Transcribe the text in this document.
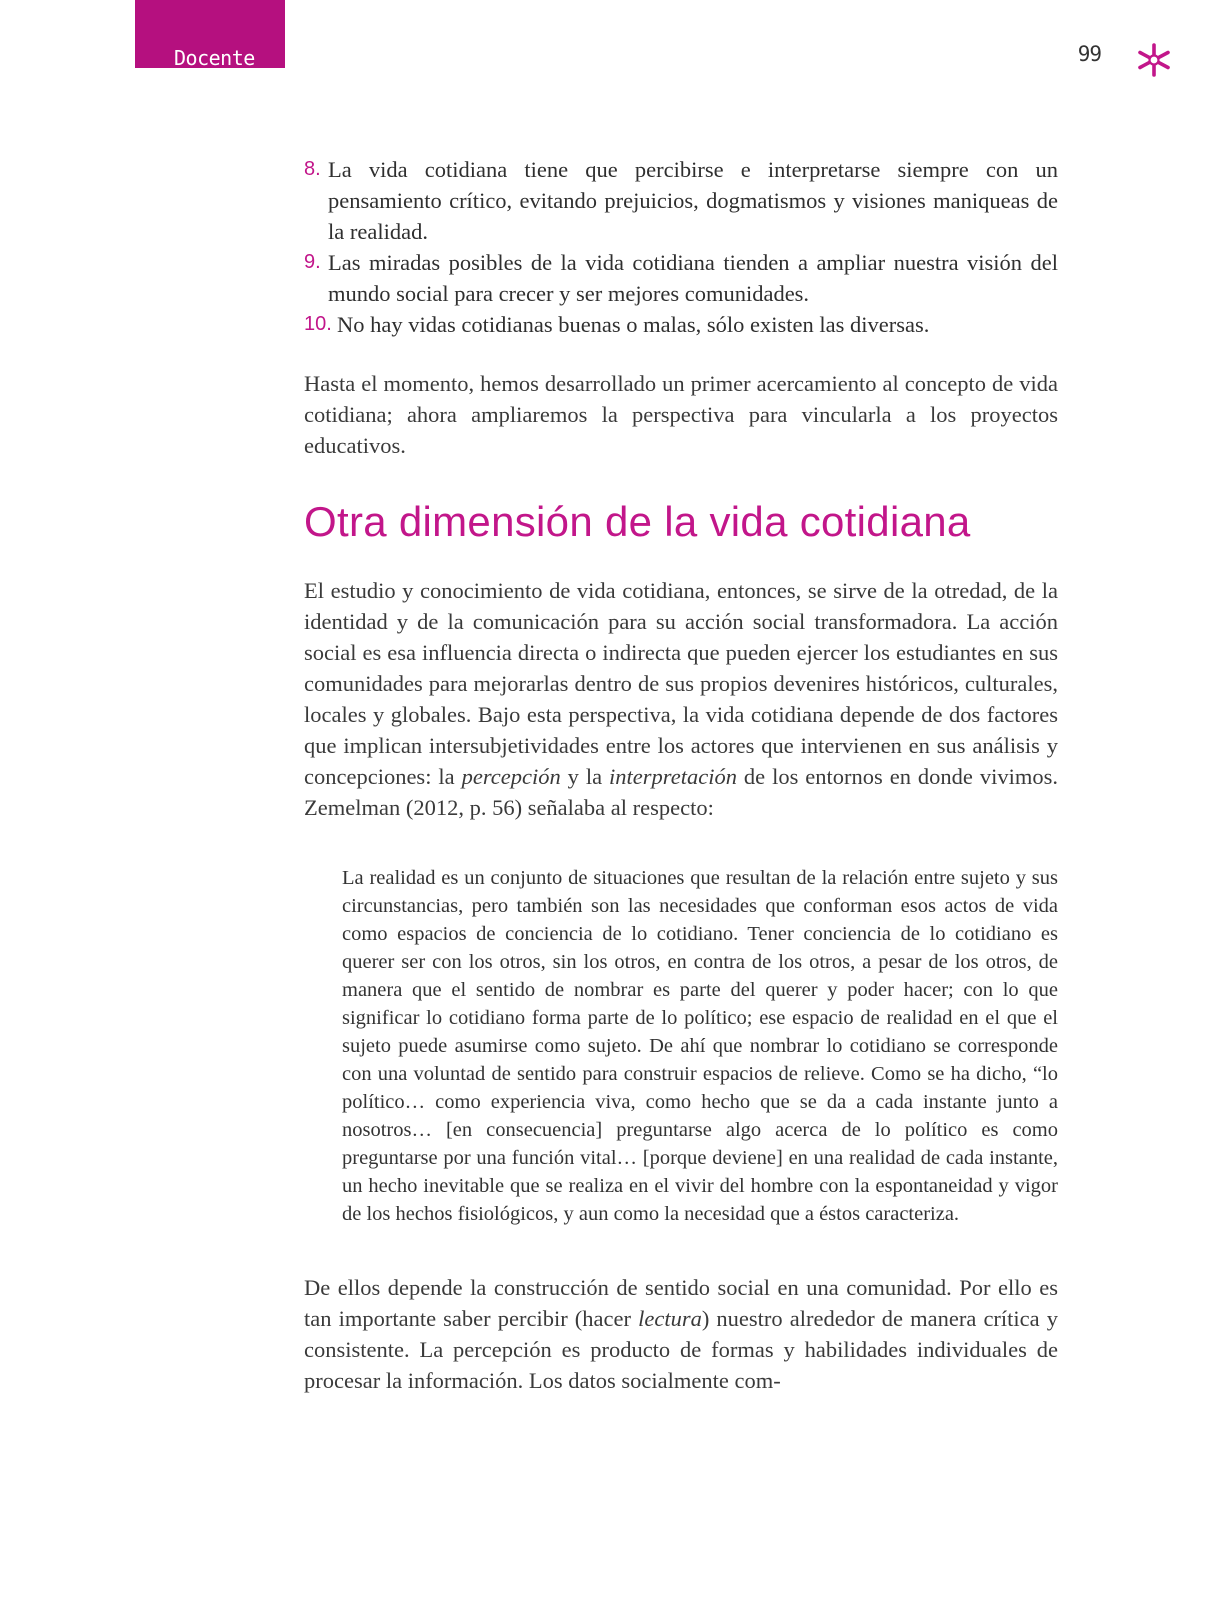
Docente	99
8. La vida cotidiana tiene que percibirse e interpretarse siempre con un pensamiento crítico, evitando prejuicios, dogmatismos y visiones maniqueas de la realidad.
9. Las miradas posibles de la vida cotidiana tienden a ampliar nuestra visión del mundo social para crecer y ser mejores comunidades.
10. No hay vidas cotidianas buenas o malas, sólo existen las diversas.

Hasta el momento, hemos desarrollado un primer acercamiento al concepto de vida cotidiana; ahora ampliaremos la perspectiva para vincularla a los proyectos educativos.

Otra dimensión de la vida cotidiana

El estudio y conocimiento de vida cotidiana, entonces, se sirve de la otredad, de la identidad y de la comunicación para su acción social transformadora. La acción social es esa influencia directa o indirecta que pueden ejercer los estudiantes en sus comunidades para mejorarlas dentro de sus propios devenires históricos, culturales, locales y globales. Bajo esta perspectiva, la vida cotidiana depende de dos factores que implican intersubjetividades entre los actores que intervienen en sus análisis y concepciones: la percepción y la interpretación de los entornos en donde vivimos. Zemelman (2012, p. 56) señalaba al respecto:

La realidad es un conjunto de situaciones que resultan de la relación entre sujeto y sus circunstancias, pero también son las necesidades que conforman esos actos de vida como espacios de conciencia de lo cotidiano. Tener conciencia de lo cotidiano es querer ser con los otros, sin los otros, en contra de los otros, a pesar de los otros, de manera que el sentido de nombrar es parte del querer y poder hacer; con lo que significar lo cotidiano forma parte de lo político; ese espacio de realidad en el que el sujeto puede asumirse como sujeto. De ahí que nombrar lo cotidiano se corresponde con una voluntad de sentido para construir espacios de relieve. Como se ha dicho, “lo político… como experiencia viva, como hecho que se da a cada instante junto a nosotros… [en consecuencia] preguntarse algo acerca de lo político es como preguntarse por una función vital… [porque deviene] en una realidad de cada instante, un hecho inevitable que se realiza en el vivir del hombre con la espontaneidad y vigor de los hechos fisiológicos, y aun como la necesidad que a éstos caracteriza.

De ellos depende la construcción de sentido social en una comunidad. Por ello es tan importante saber percibir (hacer lectura) nuestro alrededor de manera crítica y consistente. La percepción es producto de formas y habilidades individuales de procesar la información. Los datos socialmente com-
